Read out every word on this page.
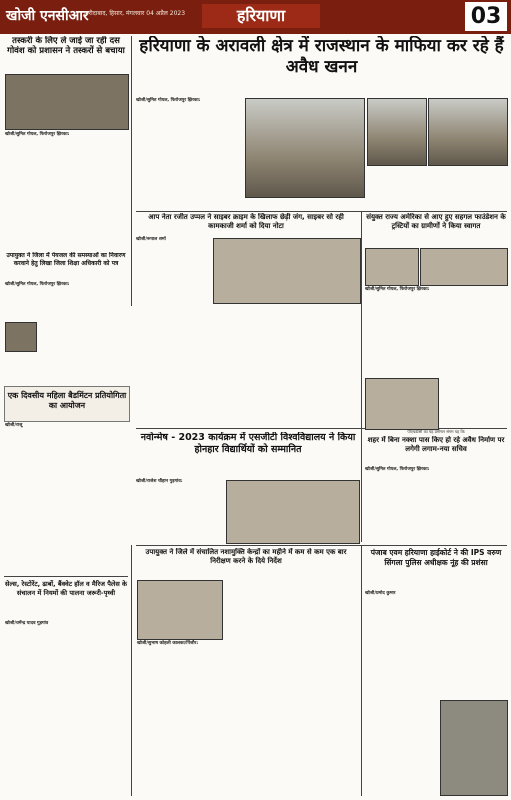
खोजी एनसीआर
फरीदाबाद, हिसार, मंगलवार 04 अप्रैल 2023	हरियाणा	03
तस्करी के लिए ले जाई जा रही दस गोवंश को प्रशासन ने तस्करों से बचाया
खोजी/सुमित गोयल, फिरोजपुर झिरका:
हरियाणा के अरावली क्षेत्र में राजस्थान के माफिया कर रहे हैं अवैध खनन
खोजी/सुमित गोयल, फिरोजपुर झिरका:
आप नेता रजीत उप्पल ने साइबर क्राइम के खिलाफ छेड़ी जंग, साइबर सो रही कामकाजी शर्मा को दिया नोटा
खोजी/रूपाल शर्मा
संयुक्त राज्य अमेरिका से आए हुए सहगल फाउंडेशन के ट्रस्टियों का ग्रामीणों ने किया स्वागत
खोजी/सुमित गोयल, फिरोजपुर झिरका:
उपायुक्त ने जिला में पेयजल की समस्याओं का निवारण करवाने हेतु लिखा जिला शिक्षा अधिकारी को पत्र
खोजी/सुमित गोयल, फिरोजपुर झिरका:
एक दिवसीय महिला बैडमिंटन प्रतियोगिता का आयोजन
खोजी/राजू
नवोन्मेष - 2023 कार्यक्रम में एसजीटी विश्वविद्यालय ने किया होनहार विद्यार्थियों को सम्मानित
खोजी/राजेश चौहान गुड़गांव:
पीएचडीसी का यह प्रमोषन संगम यह कि
शहर में बिना नक्शा पास किए हो रहे अवैध निर्माण पर लगेगी लगाम-नया सचिव
खोजी/सुमित गोयल, फिरोजपुर झिरका:
सेल्स, रेस्टोरेंट, ढाबों, बैंक्वेट हॉल व मैरिज पैलेस के संचालन में नियमों की पालना जरूरी-पृथ्वी
खोजी/धर्मेन्द्र यादव गुड़गांव
उपायुक्त ने जिले में संचालित नशामुक्ति केन्द्रों का महीने में कम से कम एक बार निरीक्षण करने के दिये निर्देश
खोजी/सुभाष कोहली कालका/पिंजौर:
पंजाब एवम हरियाणा हाईकोर्ट ने की IPS वरुण सिंगला पुलिस अधीक्षक नूंह की प्रशंसा
खोजी/प्रमोद कुमार
